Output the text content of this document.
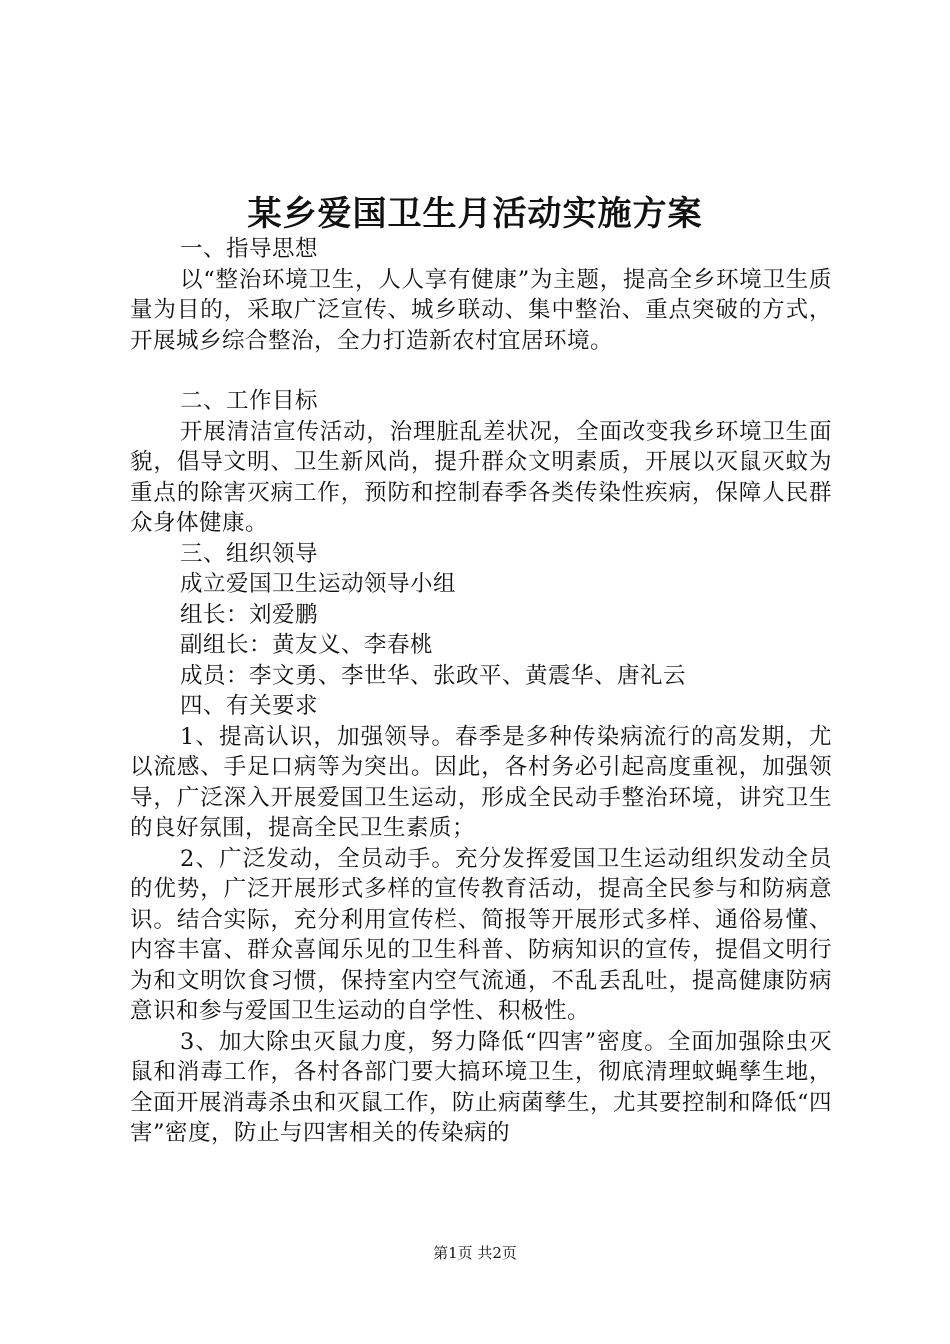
某乡爱国卫生月活动实施方案

一、指导思想

以“整治环境卫生，人人享有健康”为主题，提高全乡环境卫生质量为目的，采取广泛宣传、城乡联动、集中整治、重点突破的方式，开展城乡综合整治，全力打造新农村宜居环境。

二、工作目标

开展清洁宣传活动，治理脏乱差状况，全面改变我乡环境卫生面貌，倡导文明、卫生新风尚，提升群众文明素质，开展以灭鼠灭蚊为重点的除害灭病工作，预防和控制春季各类传染性疾病，保障人民群众身体健康。

三、组织领导

成立爱国卫生运动领导小组

组长：刘爱鹏

副组长：黄友义、李春桃

成员：李文勇、李世华、张政平、黄震华、唐礼云

四、有关要求

1、提高认识，加强领导。春季是多种传染病流行的高发期，尤以流感、手足口病等为突出。因此，各村务必引起高度重视，加强领导，广泛深入开展爱国卫生运动，形成全民动手整治环境，讲究卫生的良好氛围，提高全民卫生素质；

2、广泛发动，全员动手。充分发挥爱国卫生运动组织发动全员的优势，广泛开展形式多样的宣传教育活动，提高全民参与和防病意识。结合实际，充分利用宣传栏、简报等开展形式多样、通俗易懂、内容丰富、群众喜闻乐见的卫生科普、防病知识的宣传，提倡文明行为和文明饮食习惯，保持室内空气流通，不乱丢乱吐，提高健康防病意识和参与爱国卫生运动的自学性、积极性。

3、加大除虫灭鼠力度，努力降低“四害”密度。全面加强除虫灭鼠和消毒工作，各村各部门要大搞环境卫生，彻底清理蚊蝇孳生地，全面开展消毒杀虫和灭鼠工作，防止病菌孳生，尤其要控制和降低“四害”密度，防止与四害相关的传染病的

第1页 共2页
